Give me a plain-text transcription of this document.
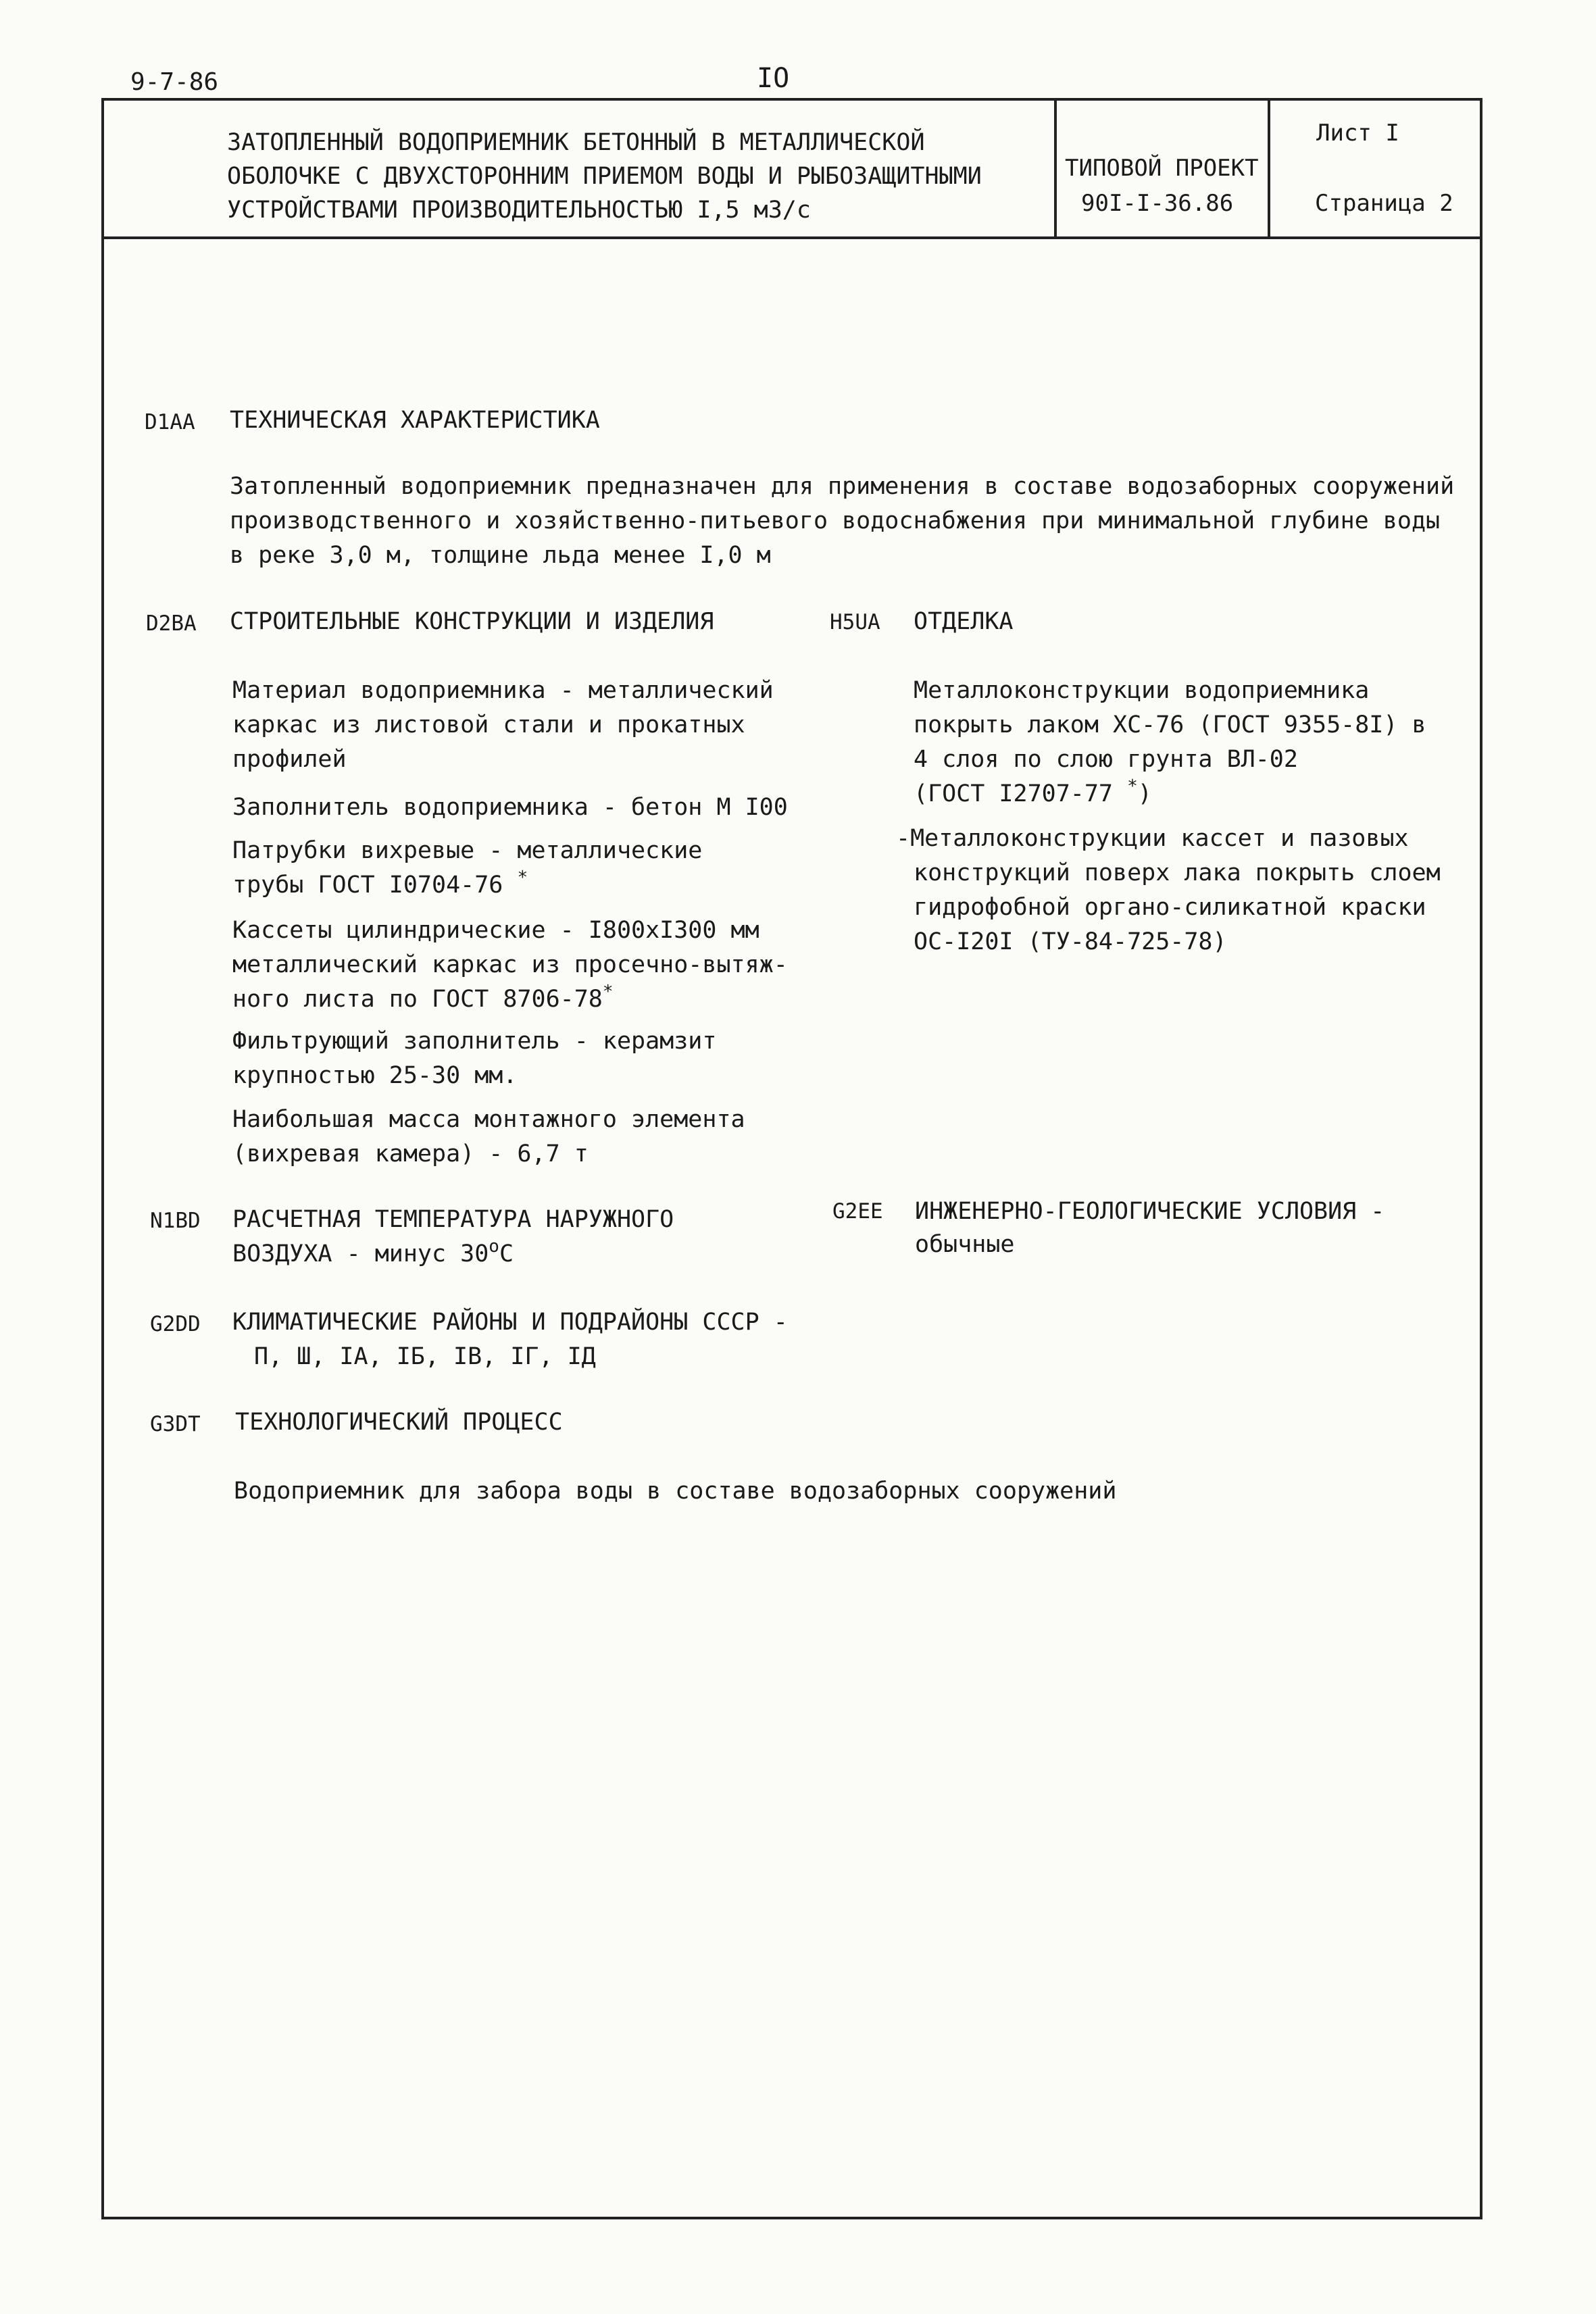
9-7-86	IO
ЗАТОПЛЕННЫЙ ВОДОПРИЕМНИК БЕТОННЫЙ В МЕТАЛЛИЧЕСКОЙ
ОБОЛОЧКЕ С ДВУХСТОРОННИМ ПРИЕМОМ ВОДЫ И РЫБОЗАЩИТНЫМИ
УСТРОЙСТВАМИ ПРОИЗВОДИТЕЛЬНОСТЬЮ I,5 м3/с
ТИПОВОЙ ПРОЕКТ
90I-I-36.86
Лист I
Страница 2
D1AA ТЕХНИЧЕСКАЯ ХАРАКТЕРИСТИКА
Затопленный водоприемник предназначен для применения в составе водозаборных сооружений
производственного и хозяйственно-питьевого водоснабжения при минимальной глубине воды
в реке 3,0 м, толщине льда менее I,0 м
D2BA СТРОИТЕЛЬНЫЕ КОНСТРУКЦИИ И ИЗДЕЛИЯ
Материал водоприемника - металлический
каркас из листовой стали и прокатных
профилей
Заполнитель водоприемника - бетон М I00
Патрубки вихревые - металлические
трубы ГОСТ I0704-76 *
Кассеты цилиндрические - I800xI300 мм
металлический каркас из просечно-вытяж-
ного листа по ГОСТ 8706-78*
Фильтрующий заполнитель - керамзит
крупностью 25-30 мм.
Наибольшая масса монтажного элемента
(вихревая камера) - 6,7 т
H5UA ОТДЕЛКА
Металлоконструкции водоприемника
покрыть лаком ХС-76 (ГОСТ 9355-8I) в
4 слоя по слою грунта ВЛ-02
(ГОСТ I2707-77 *)
-Металлоконструкции кассет и пазовых
конструкций поверх лака покрыть слоем
гидрофобной органо-силикатной краски
ОС-I20I (ТУ-84-725-78)
N1BD РАСЧЕТНАЯ ТЕМПЕРАТУРА НАРУЖНОГО
ВОЗДУХА - минус $30^оС$
G2EE ИНЖЕНЕРНО-ГЕОЛОГИЧЕСКИЕ УСЛОВИЯ -
обычные
G2DD КЛИМАТИЧЕСКИЕ РАЙОНЫ И ПОДРАЙОНЫ СССР -
П, Ш, IА, IБ, IВ, IГ, IД
G3DT ТЕХНОЛОГИЧЕСКИЙ ПРОЦЕСС
Водоприемник для забора воды в составе водозаборных сооружений
